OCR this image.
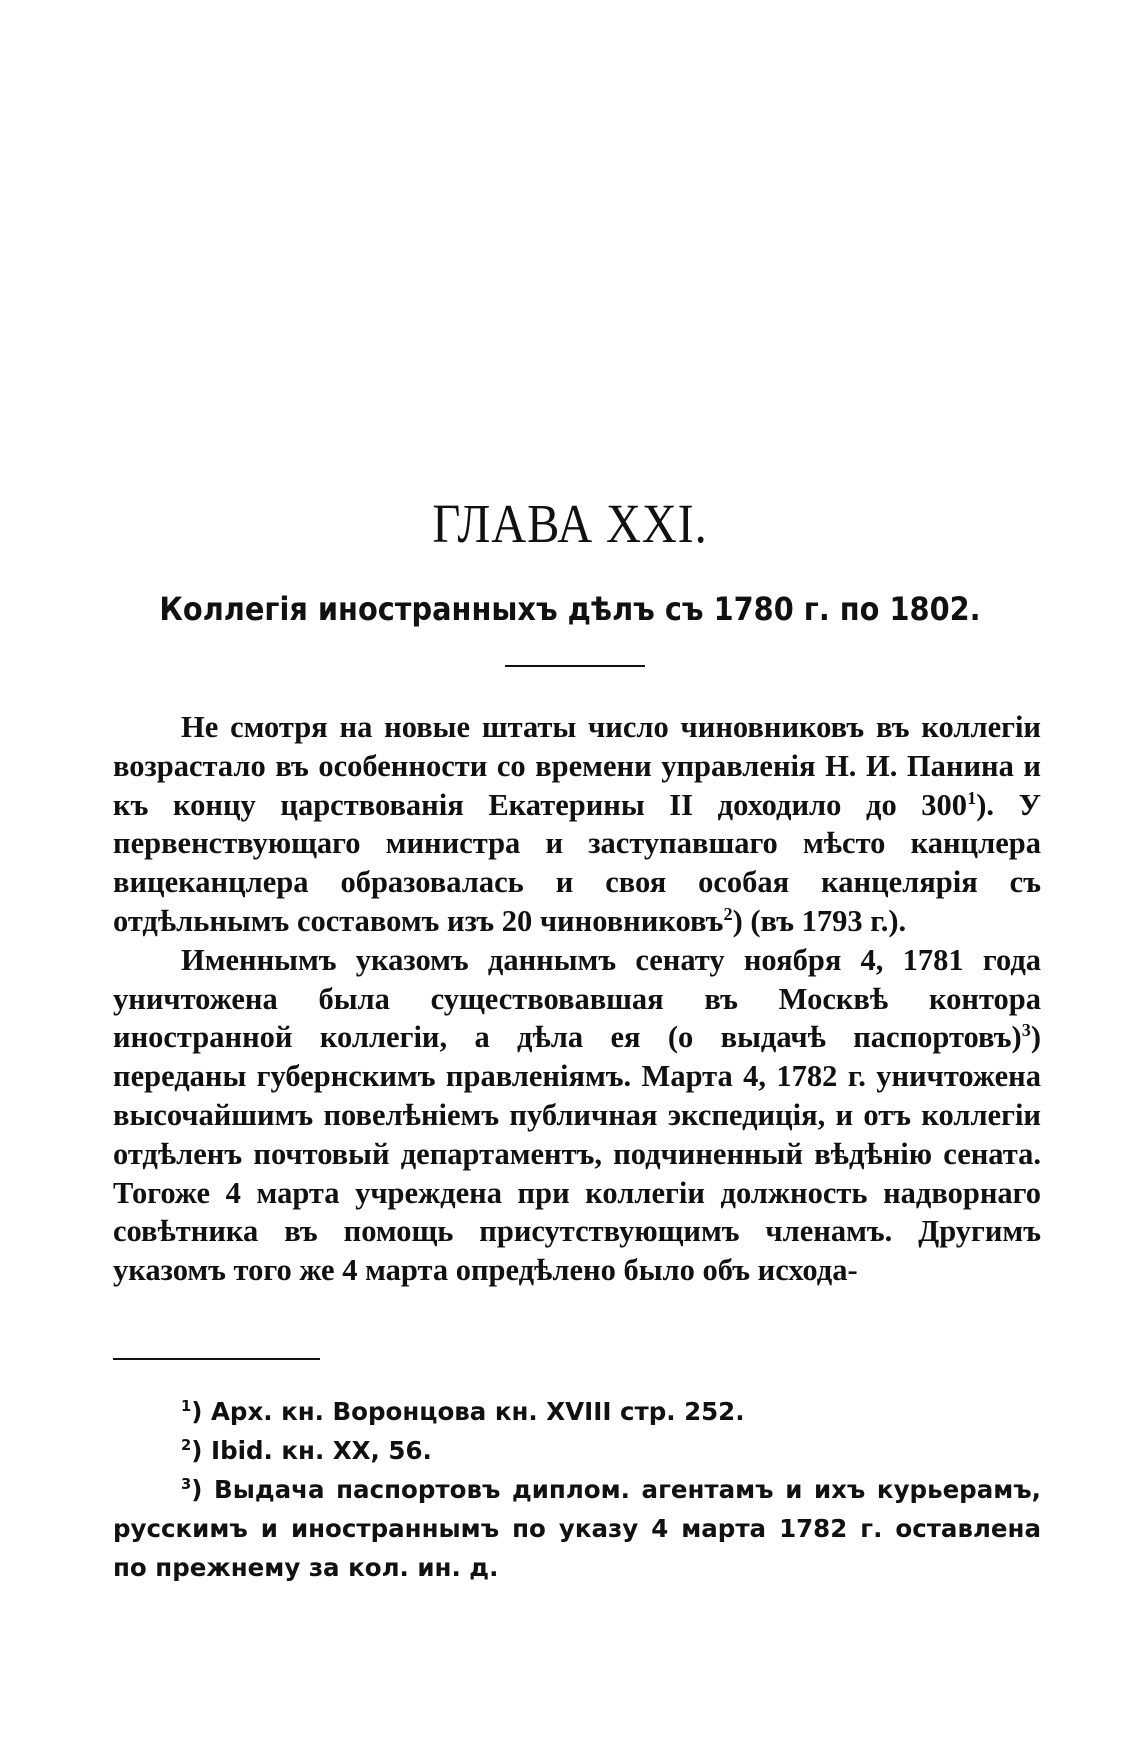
ГЛАВА XXI.
Коллегія иностранныхъ дѣлъ съ 1780 г. по 1802.

Не смотря на новые штаты число чиновниковъ въ коллегіи возрастало въ особенности со времени управленія Н. И. Панина и къ концу царствованія Екатерины II доходило до $300^1$). У первенствующаго министра и заступавшаго мѣсто канцлера вицеканцлера образовалась и своя особая канцелярія съ отдѣльнымъ составомъ изъ 20 чиновниковъ$^2$) (въ 1793 г.).

Именнымъ указомъ даннымъ сенату ноября 4, 1781 года уничтожена была существовавшая въ Москвѣ контора иностранной коллегіи, а дѣла ея (о выдачѣ паспортовъ)$^3$) переданы губернскимъ правленіямъ. Марта 4, 1782 г. уничтожена высочайшимъ повелѣніемъ публичная экспедиція, и отъ коллегіи отдѣленъ почтовый департаментъ, подчиненный вѣдѣнію сената. Тогоже 4 марта учреждена при коллегіи должность надворнаго совѣтника въ помощь присутствующимъ членамъ. Другимъ указомъ того же 4 марта опредѣлено было объ исхода-

$^1$) Арх. кн. Воронцова кн. XVIII стр. 252.

$^2$) Ibid. кн. XX, 56.

$^3$) Выдача паспортовъ диплом. агентамъ и ихъ курьерамъ, русскимъ и иностраннымъ по указу 4 марта 1782 г. оставлена по прежнему за кол. ин. д.
